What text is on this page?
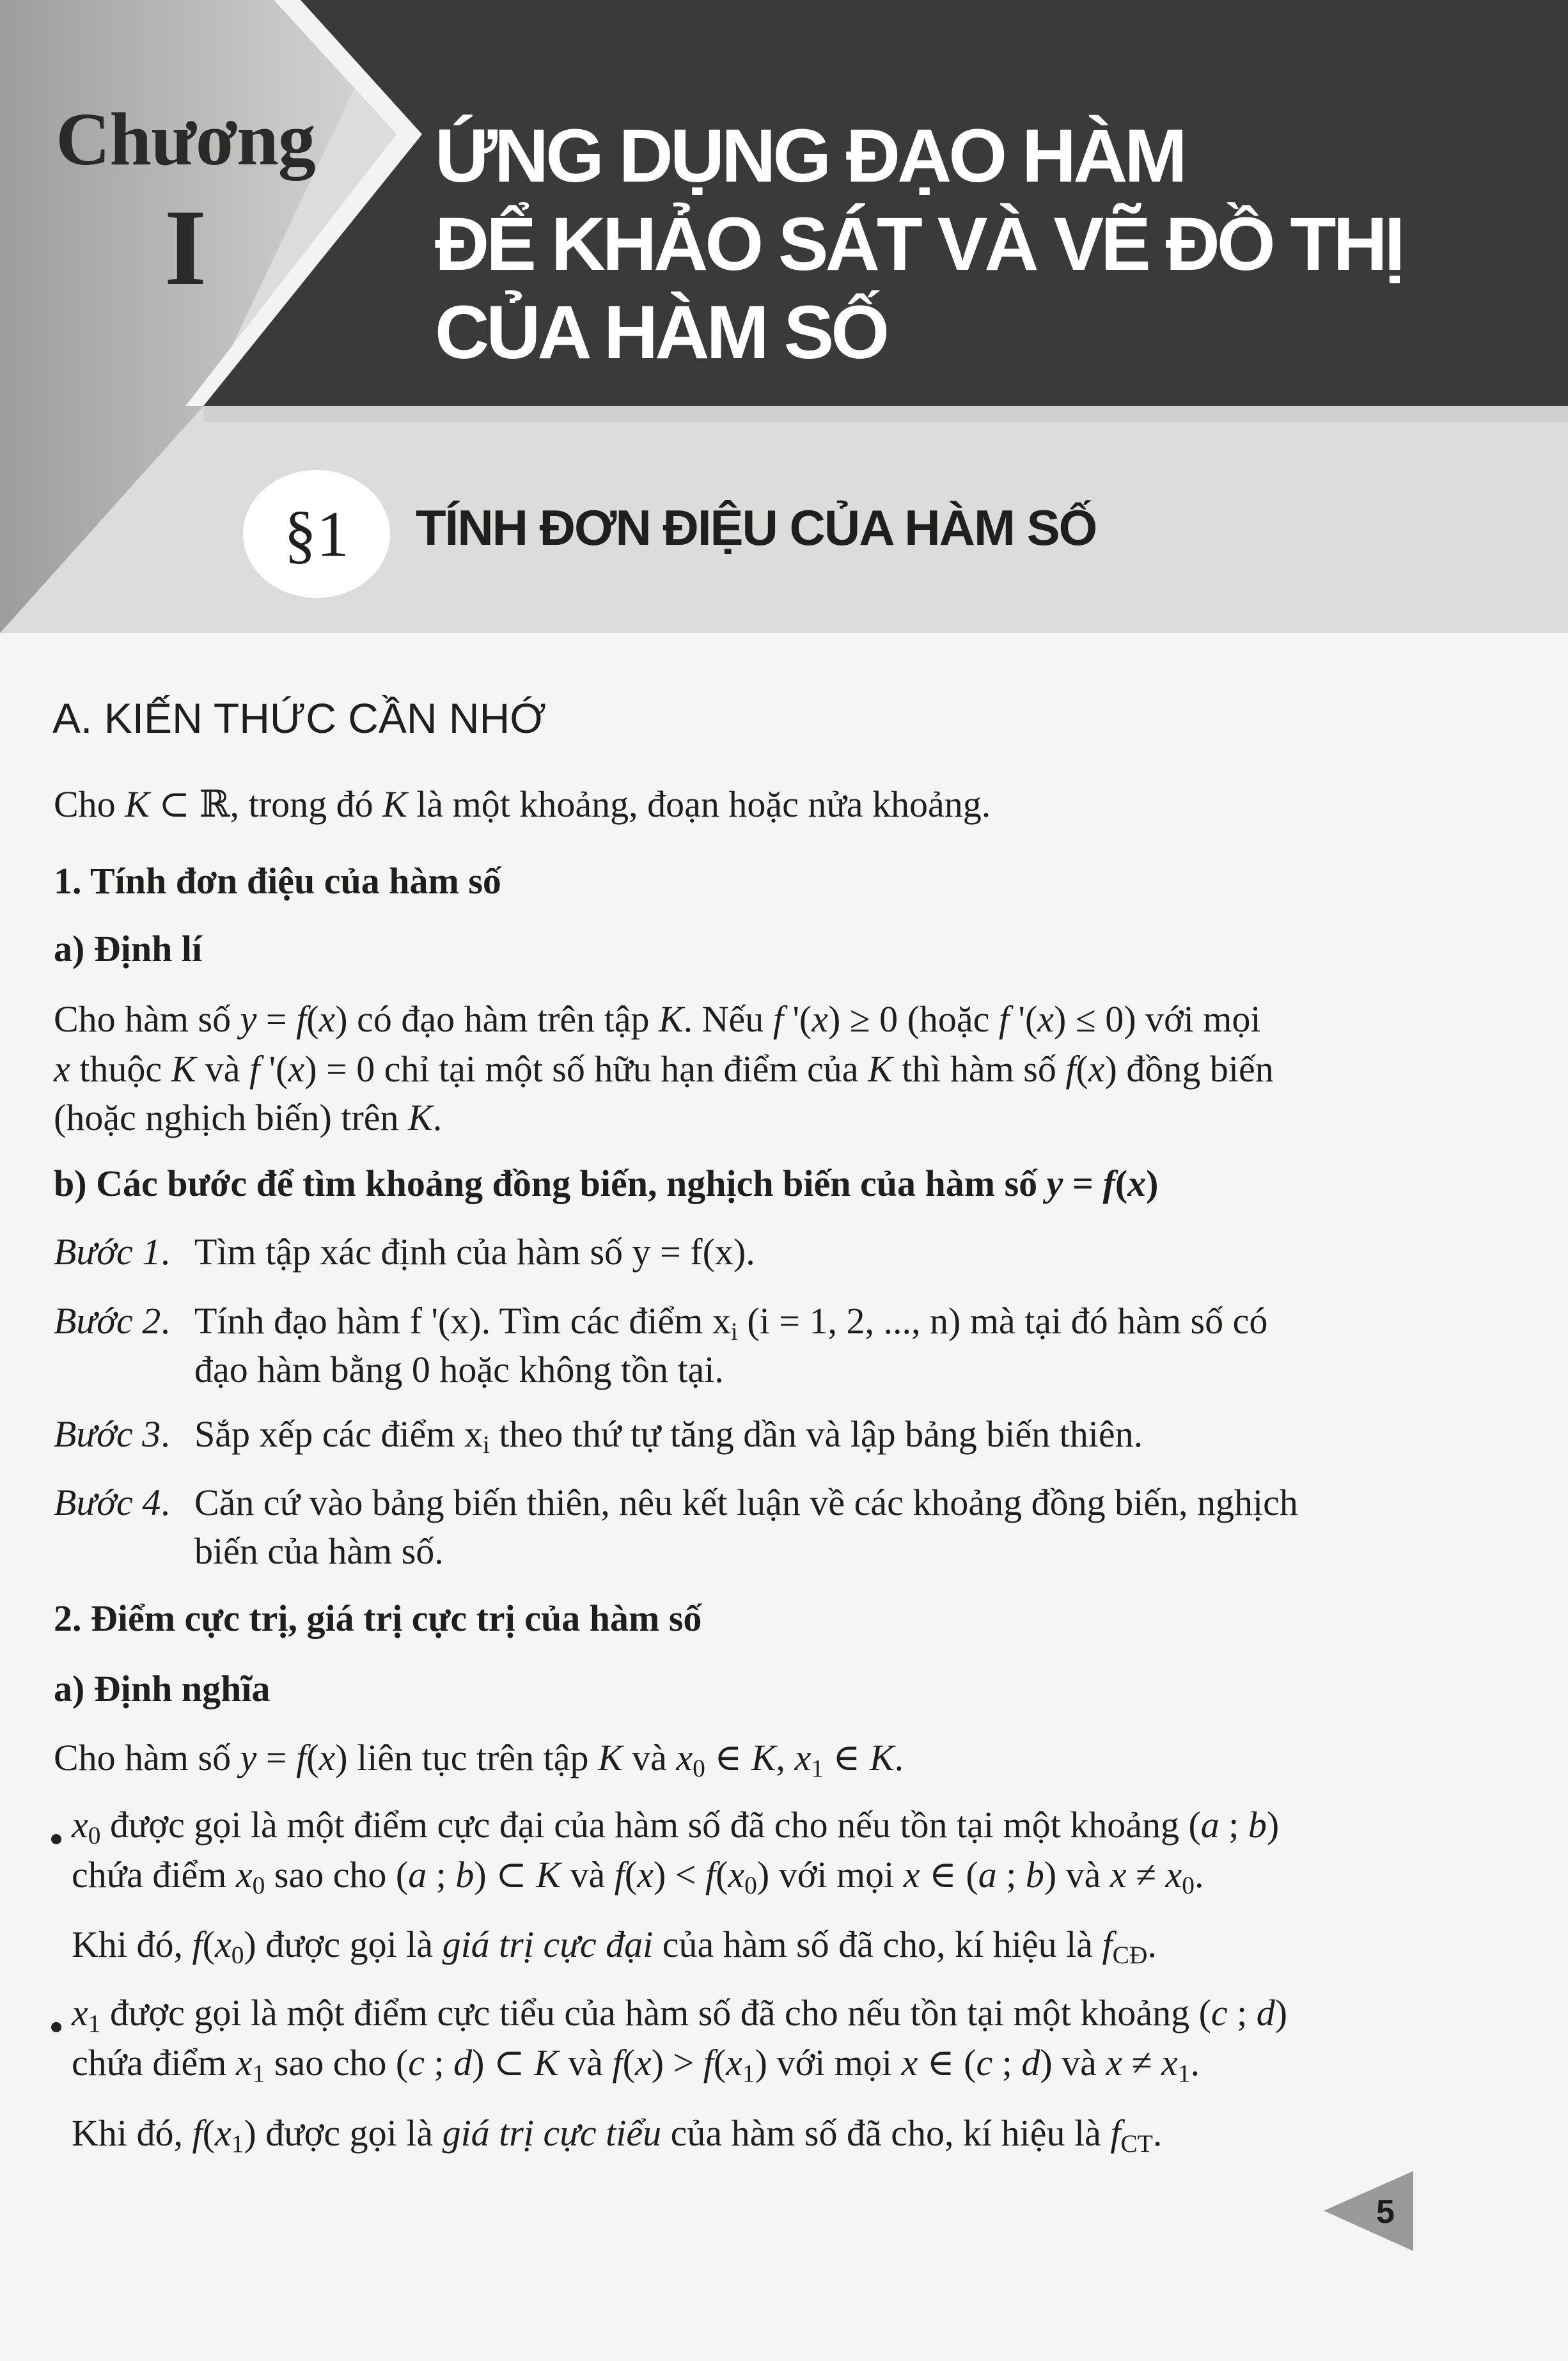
Chương
I
ỨNG DỤNG ĐẠO HÀM
ĐỂ KHẢO SÁT VÀ VẼ ĐỒ THỊ
CỦA HÀM SỐ
§1	TÍNH ĐƠN ĐIỆU CỦA HÀM SỐ
A. KIẾN THỨC CẦN NHỚ
Cho K ⊂ ℝ, trong đó K là một khoảng, đoạn hoặc nửa khoảng.
1. Tính đơn điệu của hàm số
a) Định lí
Cho hàm số y = f(x) có đạo hàm trên tập K. Nếu f '(x) ≥ 0 (hoặc f '(x) ≤ 0) với mọi
x thuộc K và f '(x) = 0 chỉ tại một số hữu hạn điểm của K thì hàm số f(x) đồng biến
(hoặc nghịch biến) trên K.
b) Các bước để tìm khoảng đồng biến, nghịch biến của hàm số y = f(x)
Bước 1. Tìm tập xác định của hàm số y = f(x).
Bước 2. Tính đạo hàm f '(x). Tìm các điểm $x_i$ (i = 1, 2, ..., n) mà tại đó hàm số có
đạo hàm bằng 0 hoặc không tồn tại.
Bước 3. Sắp xếp các điểm $x_i$ theo thứ tự tăng dần và lập bảng biến thiên.
Bước 4. Căn cứ vào bảng biến thiên, nêu kết luận về các khoảng đồng biến, nghịch
biến của hàm số.
2. Điểm cực trị, giá trị cực trị của hàm số
a) Định nghĩa
Cho hàm số y = f(x) liên tục trên tập K và $x_0$ ∈ K, $x_1$ ∈ K.
$x_0$ được gọi là một điểm cực đại của hàm số đã cho nếu tồn tại một khoảng (a ; b)
chứa điểm $x_0$ sao cho (a ; b) ⊂ K và $f(x) < f(x_0)$ với mọi x ∈ (a ; b) và $x \ne x_0$.
Khi đó, $f(x_0)$ được gọi là giá trị cực đại của hàm số đã cho, kí hiệu là $f_{CĐ}$.
$x_1$ được gọi là một điểm cực tiểu của hàm số đã cho nếu tồn tại một khoảng (c ; d)
chứa điểm $x_1$ sao cho (c ; d) ⊂ K và $f(x) > f(x_1)$ với mọi x ∈ (c ; d) và $x \ne x_1$.
Khi đó, $f(x_1)$ được gọi là giá trị cực tiểu của hàm số đã cho, kí hiệu là $f_{CT}$.
5
